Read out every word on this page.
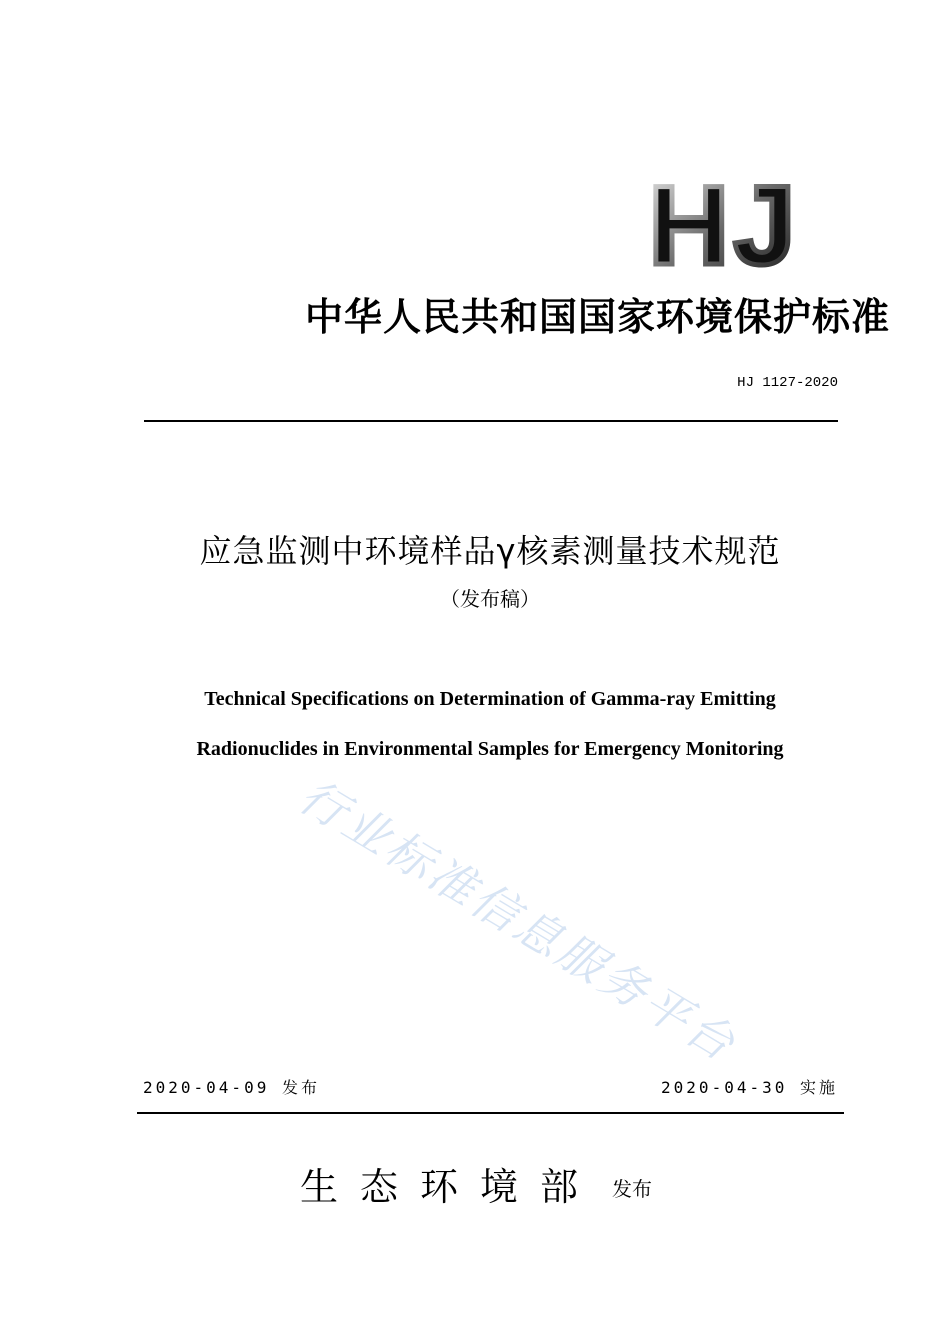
HJ
中华人民共和国国家环境保护标准
HJ 1127-2020
应急监测中环境样品γ核素测量技术规范
（发布稿）
Technical Specifications on Determination of Gamma-ray Emitting
Radionuclides in Environmental Samples for Emergency Monitoring
行业标准信息服务平台
2020-04-09 发布	2020-04-30 实施
生态环境部 发布
